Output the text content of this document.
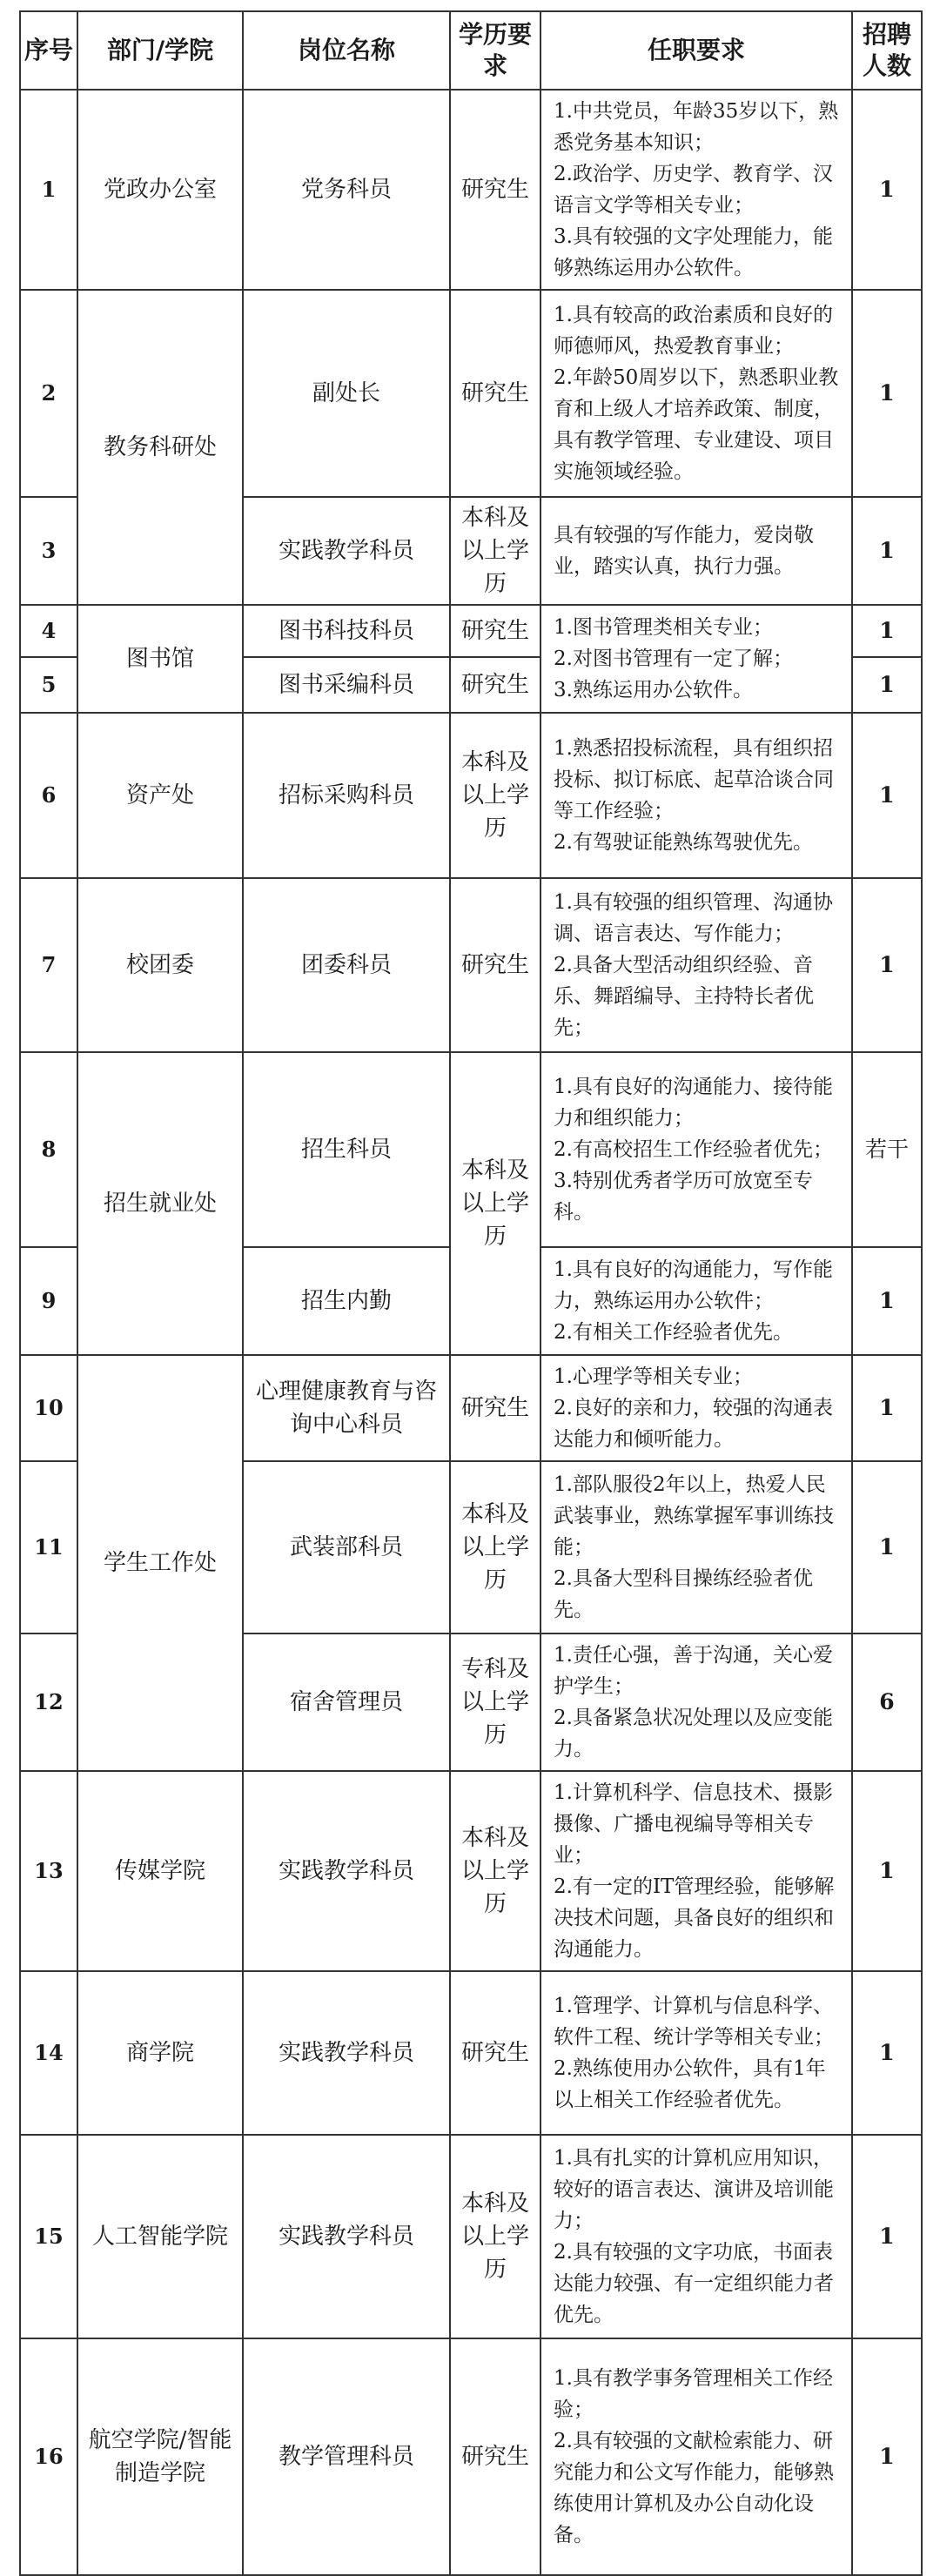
序号	部门/学院	岗位名称	学历要求	任职要求	招聘人数
1	党政办公室	党务科员	研究生	1.中共党员，年龄35岁以下，熟悉党务基本知识；
2.政治学、历史学、教育学、汉语言文学等相关专业；
3.具有较强的文字处理能力，能够熟练运用办公软件。	1
2	教务科研处	副处长	研究生	1.具有较高的政治素质和良好的师德师风，热爱教育事业；
2.年龄50周岁以下，熟悉职业教育和上级人才培养政策、制度，具有教学管理、专业建设、项目实施领域经验。	1
3		实践教学科员	本科及以上学历	具有较强的写作能力，爱岗敬业，踏实认真，执行力强。	1
4	图书馆	图书科技科员	研究生	1.图书管理类相关专业；
2.对图书管理有一定了解；
3.熟练运用办公软件。	1
5		图书采编科员	研究生		1
6	资产处	招标采购科员	本科及以上学历	1.熟悉招投标流程，具有组织招投标、拟订标底、起草洽谈合同等工作经验；
2.有驾驶证能熟练驾驶优先。	1
7	校团委	团委科员	研究生	1.具有较强的组织管理、沟通协调、语言表达、写作能力；
2.具备大型活动组织经验、音乐、舞蹈编导、主持特长者优先；	1
8	招生就业处	招生科员	本科及以上学历	1.具有良好的沟通能力、接待能力和组织能力；
2.有高校招生工作经验者优先；
3.特别优秀者学历可放宽至专科。	若干
9		招生内勤		1.具有良好的沟通能力，写作能力，熟练运用办公软件；
2.有相关工作经验者优先。	1
10	学生工作处	心理健康教育与咨询中心科员	研究生	1.心理学等相关专业；
2.良好的亲和力，较强的沟通表达能力和倾听能力。	1
11		武装部科员	本科及以上学历	1.部队服役2年以上，热爱人民武装事业，熟练掌握军事训练技能；
2.具备大型科目操练经验者优先。	1
12		宿舍管理员	专科及以上学历	1.责任心强，善于沟通，关心爱护学生；
2.具备紧急状况处理以及应变能力。	6
13	传媒学院	实践教学科员	本科及以上学历	1.计算机科学、信息技术、摄影摄像、广播电视编导等相关专业；
2.有一定的IT管理经验，能够解决技术问题，具备良好的组织和沟通能力。	1
14	商学院	实践教学科员	研究生	1.管理学、计算机与信息科学、软件工程、统计学等相关专业；
2.熟练使用办公软件，具有1年以上相关工作经验者优先。	1
15	人工智能学院	实践教学科员	本科及以上学历	1.具有扎实的计算机应用知识，较好的语言表达、演讲及培训能力；
2.具有较强的文字功底，书面表达能力较强、有一定组织能力者优先。	1
16	航空学院/智能制造学院	教学管理科员	研究生	1.具有教学事务管理相关工作经验；
2.具有较强的文献检索能力、研究能力和公文写作能力，能够熟练使用计算机及办公自动化设备。	1
